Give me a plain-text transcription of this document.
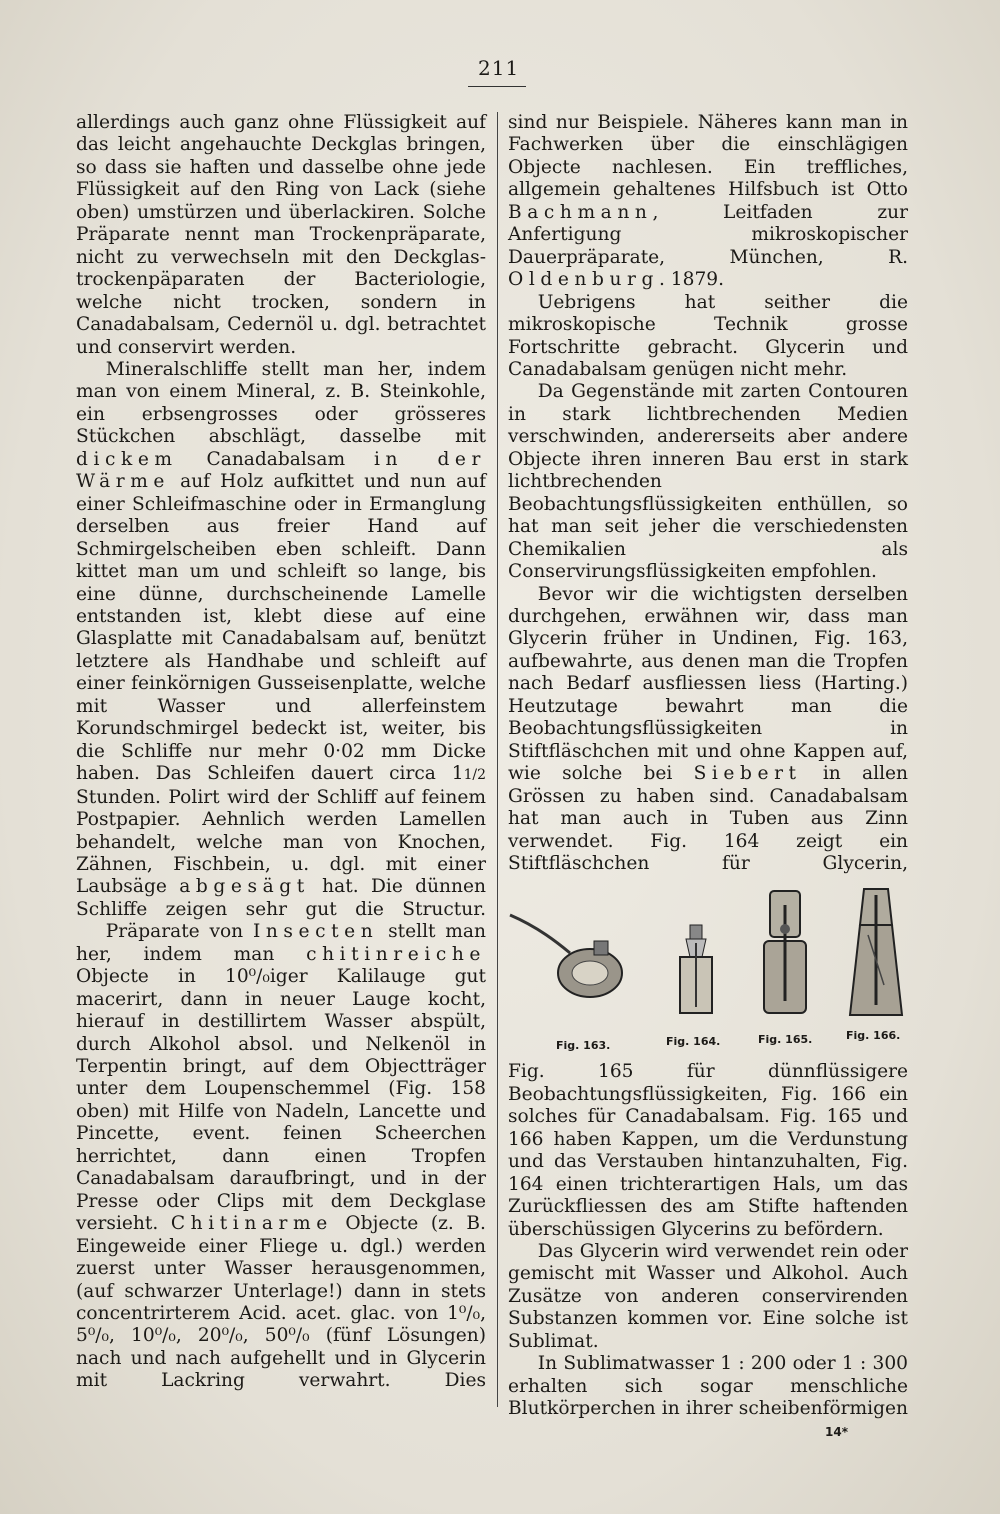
211

allerdings auch ganz ohne Flüssigkeit auf das leicht angehauchte Deckglas bringen, so dass sie haften und dasselbe ohne jede Flüssigkeit auf den Ring von Lack (siehe oben) umstürzen und überlackiren. Solche Präparate nennt man Trockenpräparate, nicht zu verwechseln mit den Deckglas-trockenpäparaten der Bacteriologie, welche nicht trocken, sondern in Canadabalsam, Cedernöl u. dgl. betrachtet und conservirt werden.

Mineralschliffe stellt man her, indem man von einem Mineral, z. B. Steinkohle, ein erbsengrosses oder grösseres Stückchen abschlägt, dasselbe mit dickem Canadabalsam in der Wärme auf Holz aufkittet und nun auf einer Schleifmaschine oder in Ermanglung derselben aus freier Hand auf Schmirgelscheiben eben schleift. Dann kittet man um und schleift so lange, bis eine dünne, durchscheinende Lamelle entstanden ist, klebt diese auf eine Glasplatte mit Canadabalsam auf, benützt letztere als Handhabe und schleift auf einer feinkörnigen Gusseisenplatte, welche mit Wasser und allerfeinstem Korundschmirgel bedeckt ist, weiter, bis die Schliffe nur mehr 0·02 mm Dicke haben. Das Schleifen dauert circa 11/2 Stunden. Polirt wird der Schliff auf feinem Postpapier. Aehnlich werden Lamellen behandelt, welche man von Knochen, Zähnen, Fischbein, u. dgl. mit einer Laubsäge abgesägt hat. Die dünnen Schliffe zeigen sehr gut die Structur.

Präparate von Insecten stellt man her, indem man chitinreiche Objecte in 10⁰/₀iger Kalilauge gut macerirt, dann in neuer Lauge kocht, hierauf in destillirtem Wasser abspült, durch Alkohol absol. und Nelkenöl in Terpentin bringt, auf dem Objectträger unter dem Loupenschemmel (Fig. 158 oben) mit Hilfe von Nadeln, Lancette und Pincette, event. feinen Scheerchen herrichtet, dann einen Tropfen Canadabalsam daraufbringt, und in der Presse oder Clips mit dem Deckglase versieht. Chitinarme Objecte (z. B. Eingeweide einer Fliege u. dgl.) werden zuerst unter Wasser herausgenommen, (auf schwarzer Unterlage!) dann in stets concentrirterem Acid. acet. glac. von 1⁰/₀, 5⁰/₀, 10⁰/₀, 20⁰/₀, 50⁰/₀ (fünf Lösungen) nach und nach aufgehellt und in Glycerin mit Lackring verwahrt. Dies

sind nur Beispiele. Näheres kann man in Fachwerken über die einschlägigen Objecte nachlesen. Ein treffliches, allgemein gehaltenes Hilfsbuch ist Otto Bachmann, Leitfaden zur Anfertigung mikroskopischer Dauerpräparate, München, R. Oldenburg. 1879.

Uebrigens hat seither die mikroskopische Technik grosse Fortschritte gebracht. Glycerin und Canadabalsam genügen nicht mehr.

Da Gegenstände mit zarten Contouren in stark lichtbrechenden Medien verschwinden, andererseits aber andere Objecte ihren inneren Bau erst in stark lichtbrechenden Beobachtungsflüssigkeiten enthüllen, so hat man seit jeher die verschiedensten Chemikalien als Conservirungsflüssigkeiten empfohlen.

Bevor wir die wichtigsten derselben durchgehen, erwähnen wir, dass man Glycerin früher in Undinen, Fig. 163, aufbewahrte, aus denen man die Tropfen nach Bedarf ausfliessen liess (Harting.) Heutzutage bewahrt man die Beobachtungsflüssigkeiten in Stiftfläschchen mit und ohne Kappen auf, wie solche bei Siebert in allen Grössen zu haben sind. Canadabalsam hat man auch in Tuben aus Zinn verwendet. Fig. 164 zeigt ein Stiftfläschchen für Glycerin,

Fig. 163.	Fig. 164.	Fig. 165.	Fig. 166.

Fig. 165 für dünnflüssigere Beobachtungsflüssigkeiten, Fig. 166 ein solches für Canadabalsam. Fig. 165 und 166 haben Kappen, um die Verdunstung und das Verstauben hintanzuhalten, Fig. 164 einen trichterartigen Hals, um das Zurückfliessen des am Stifte haftenden überschüssigen Glycerins zu befördern.

Das Glycerin wird verwendet rein oder gemischt mit Wasser und Alkohol. Auch Zusätze von anderen conservirenden Substanzen kommen vor. Eine solche ist Sublimat.

In Sublimatwasser 1 : 200 oder 1 : 300 erhalten sich sogar menschliche Blutkörperchen in ihrer scheibenförmigen

14*
